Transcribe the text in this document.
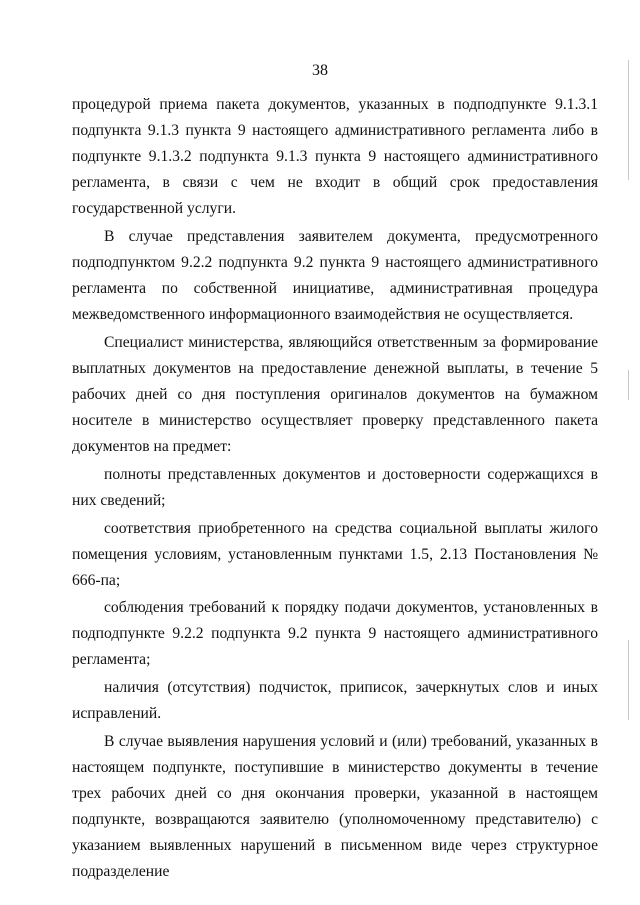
38

процедурой приема пакета документов, указанных в подподпункте 9.1.3.1 подпункта 9.1.3 пункта 9 настоящего административного регламента либо в подпункте 9.1.3.2 подпункта 9.1.3 пункта 9 настоящего административного регламента, в связи с чем не входит в общий срок предоставления государственной услуги.

В случае представления заявителем документа, предусмотренного подподпунктом 9.2.2 подпункта 9.2 пункта 9 настоящего административного регламента по собственной инициативе, административная процедура межведомственного информационного взаимодействия не осуществляется.

Специалист министерства, являющийся ответственным за формирование выплатных документов на предоставление денежной выплаты, в течение 5 рабочих дней со дня поступления оригиналов документов на бумажном носителе в министерство осуществляет проверку представленного пакета документов на предмет:

полноты представленных документов и достоверности содержащихся в них сведений;

соответствия приобретенного на средства социальной выплаты жилого помещения условиям, установленным пунктами 1.5, 2.13 Постановления № 666-па;

соблюдения требований к порядку подачи документов, установленных в подподпункте 9.2.2 подпункта 9.2 пункта 9 настоящего административного регламента;

наличия (отсутствия) подчисток, приписок, зачеркнутых слов и иных исправлений.

В случае выявления нарушения условий и (или) требований, указанных в настоящем подпункте, поступившие в министерство документы в течение трех рабочих дней со дня окончания проверки, указанной в настоящем подпункте, возвращаются заявителю (уполномоченному представителю) с указанием выявленных нарушений в письменном виде через структурное подразделение
